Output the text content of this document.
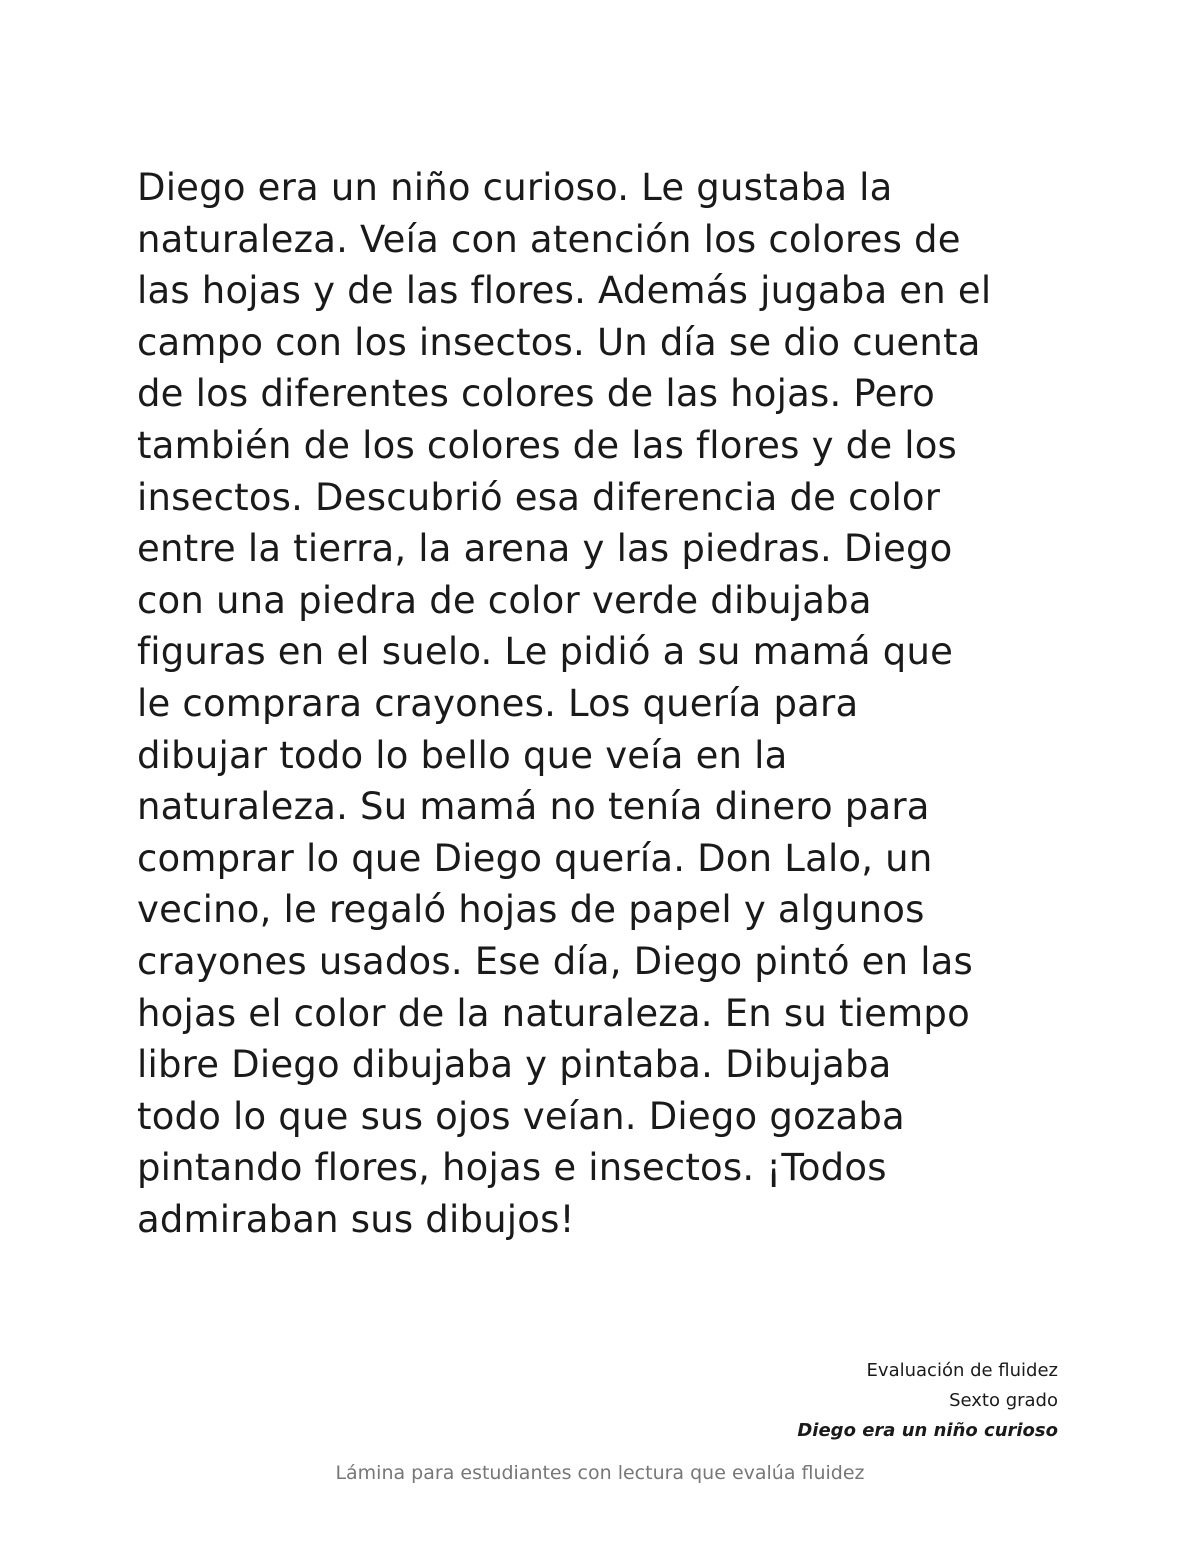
Diego era un niño curioso. Le gustaba la
naturaleza. Veía con atención los colores de
las hojas y de las flores. Además jugaba en el
campo con los insectos. Un día se dio cuenta
de los diferentes colores de las hojas. Pero
también de los colores de las flores y de los
insectos. Descubrió esa diferencia de color
entre la tierra, la arena y las piedras. Diego
con una piedra de color verde dibujaba
figuras en el suelo. Le pidió a su mamá que
le comprara crayones. Los quería para
dibujar todo lo bello que veía en la
naturaleza. Su mamá no tenía dinero para
comprar lo que Diego quería. Don Lalo, un
vecino, le regaló hojas de papel y algunos
crayones usados. Ese día, Diego pintó en las
hojas el color de la naturaleza. En su tiempo
libre Diego dibujaba y pintaba. Dibujaba
todo lo que sus ojos veían. Diego gozaba
pintando flores, hojas e insectos. ¡Todos
admiraban sus dibujos!
Evaluación de fluidez
Sexto grado
Diego era un niño curioso
Lámina para estudiantes con lectura que evalúa fluidez
